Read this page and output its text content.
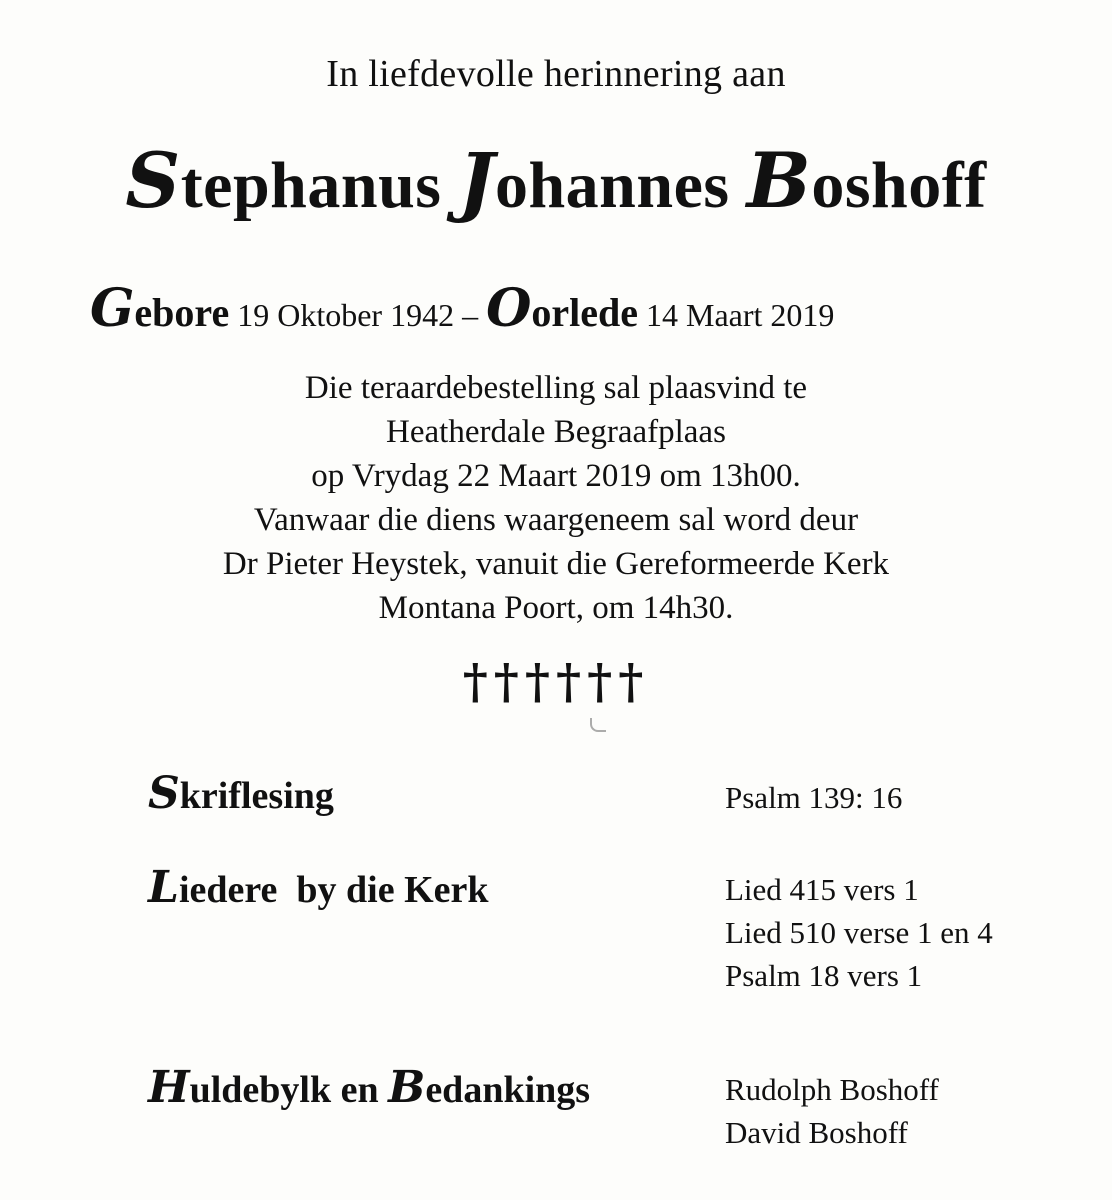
In liefdevolle herinnering aan
Stephanus Johannes Boshoff
Gebore 19 Oktober 1942 – Oorlede 14 Maart 2019
Die teraardebestelling sal plaasvind te
Heatherdale Begraafplaas
op Vrydag 22 Maart 2019 om 13h00.
Vanwaar die diens waargeneem sal word deur
Dr Pieter Heystek, vanuit die Gereformeerde Kerk
Montana Poort, om 14h30.
††††††
Skriflesing	Psalm 139: 16
Liedere  by die Kerk	Lied 415 vers 1
Lied 510 verse 1 en 4
Psalm 18 vers 1
Huldebylk en Bedankings	Rudolph Boshoff
David Boshoff
